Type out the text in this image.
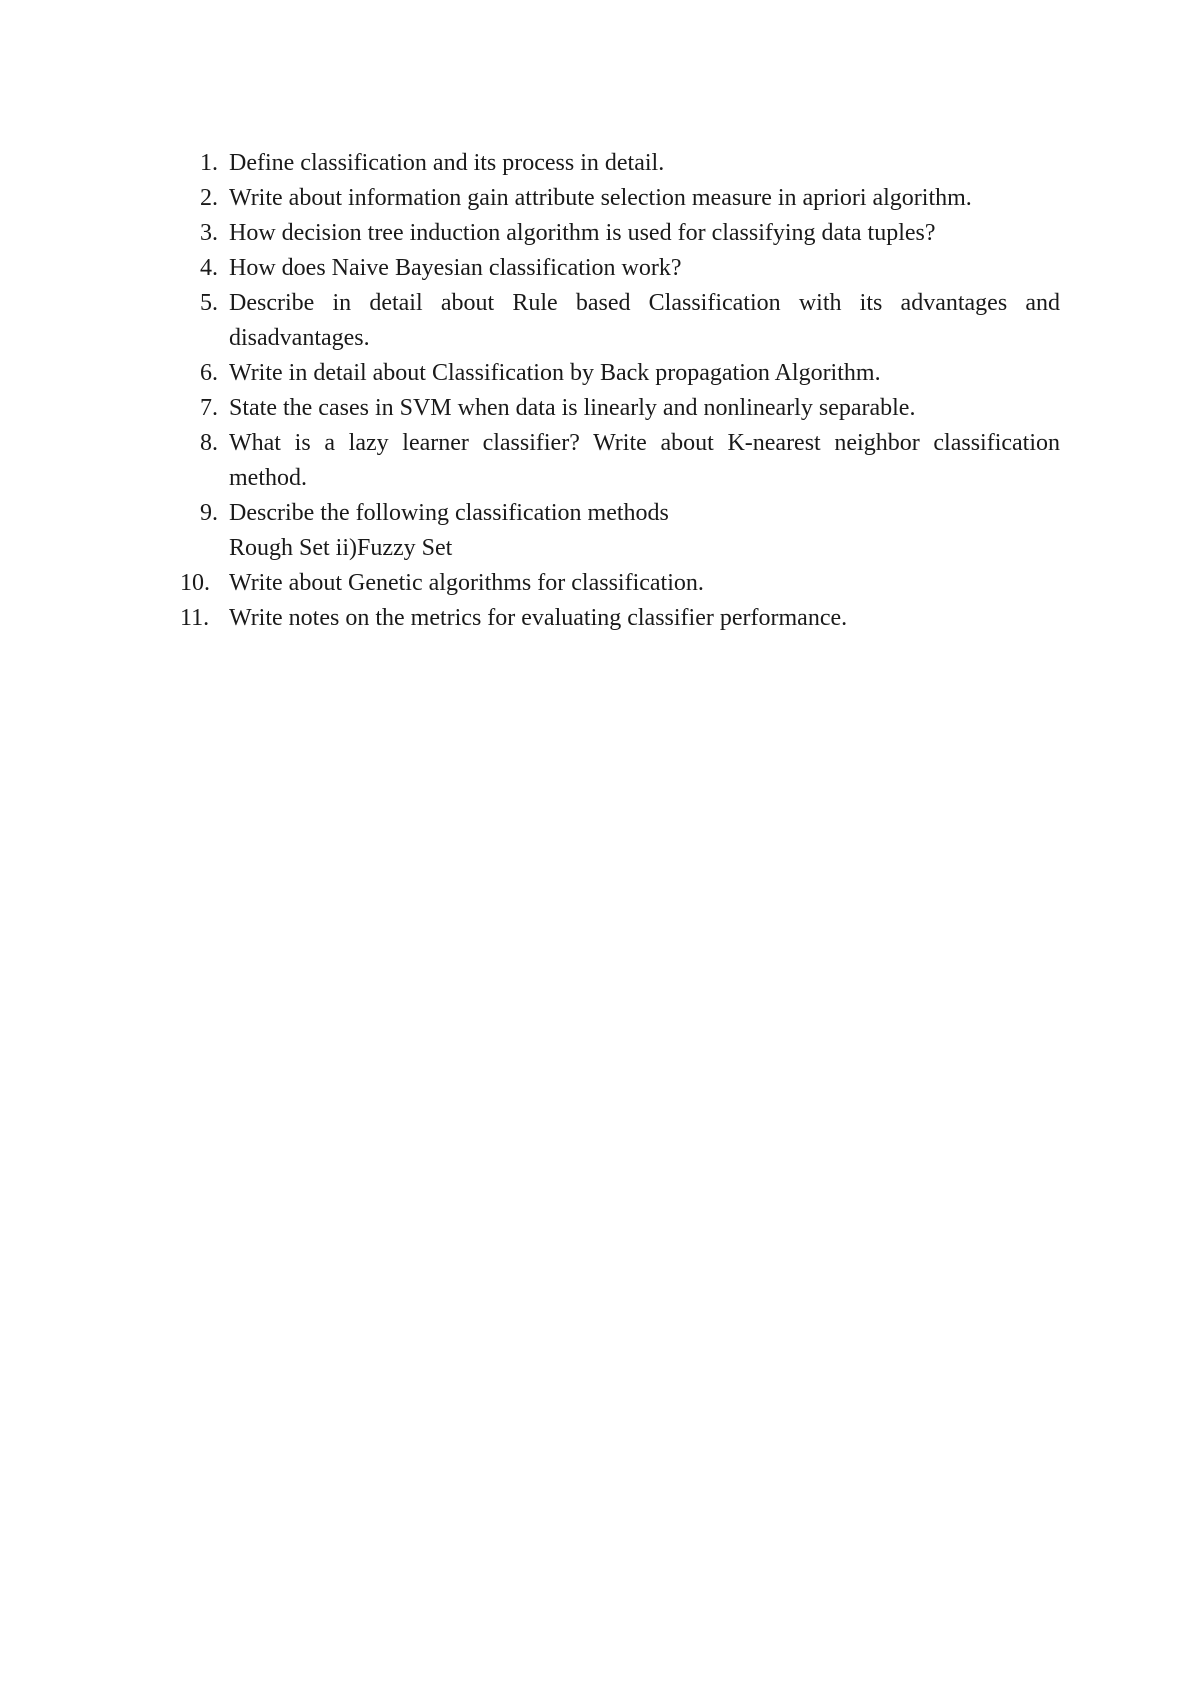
1. Define classification and its process in detail.
2. Write about information gain attribute selection measure in apriori algorithm.
3. How decision tree induction algorithm is used for classifying data tuples?
4. How does Naive Bayesian classification work?
5. Describe in detail about Rule based Classification with its advantages and disadvantages.
6. Write in detail about Classification by Back propagation Algorithm.
7. State the cases in SVM when data is linearly and nonlinearly separable.
8. What is a lazy learner classifier? Write about K-nearest neighbor classification method.
9. Describe the following classification methods
Rough Set ii)Fuzzy Set
10. Write about Genetic algorithms for classification.
11. Write notes on the metrics for evaluating classifier performance.
